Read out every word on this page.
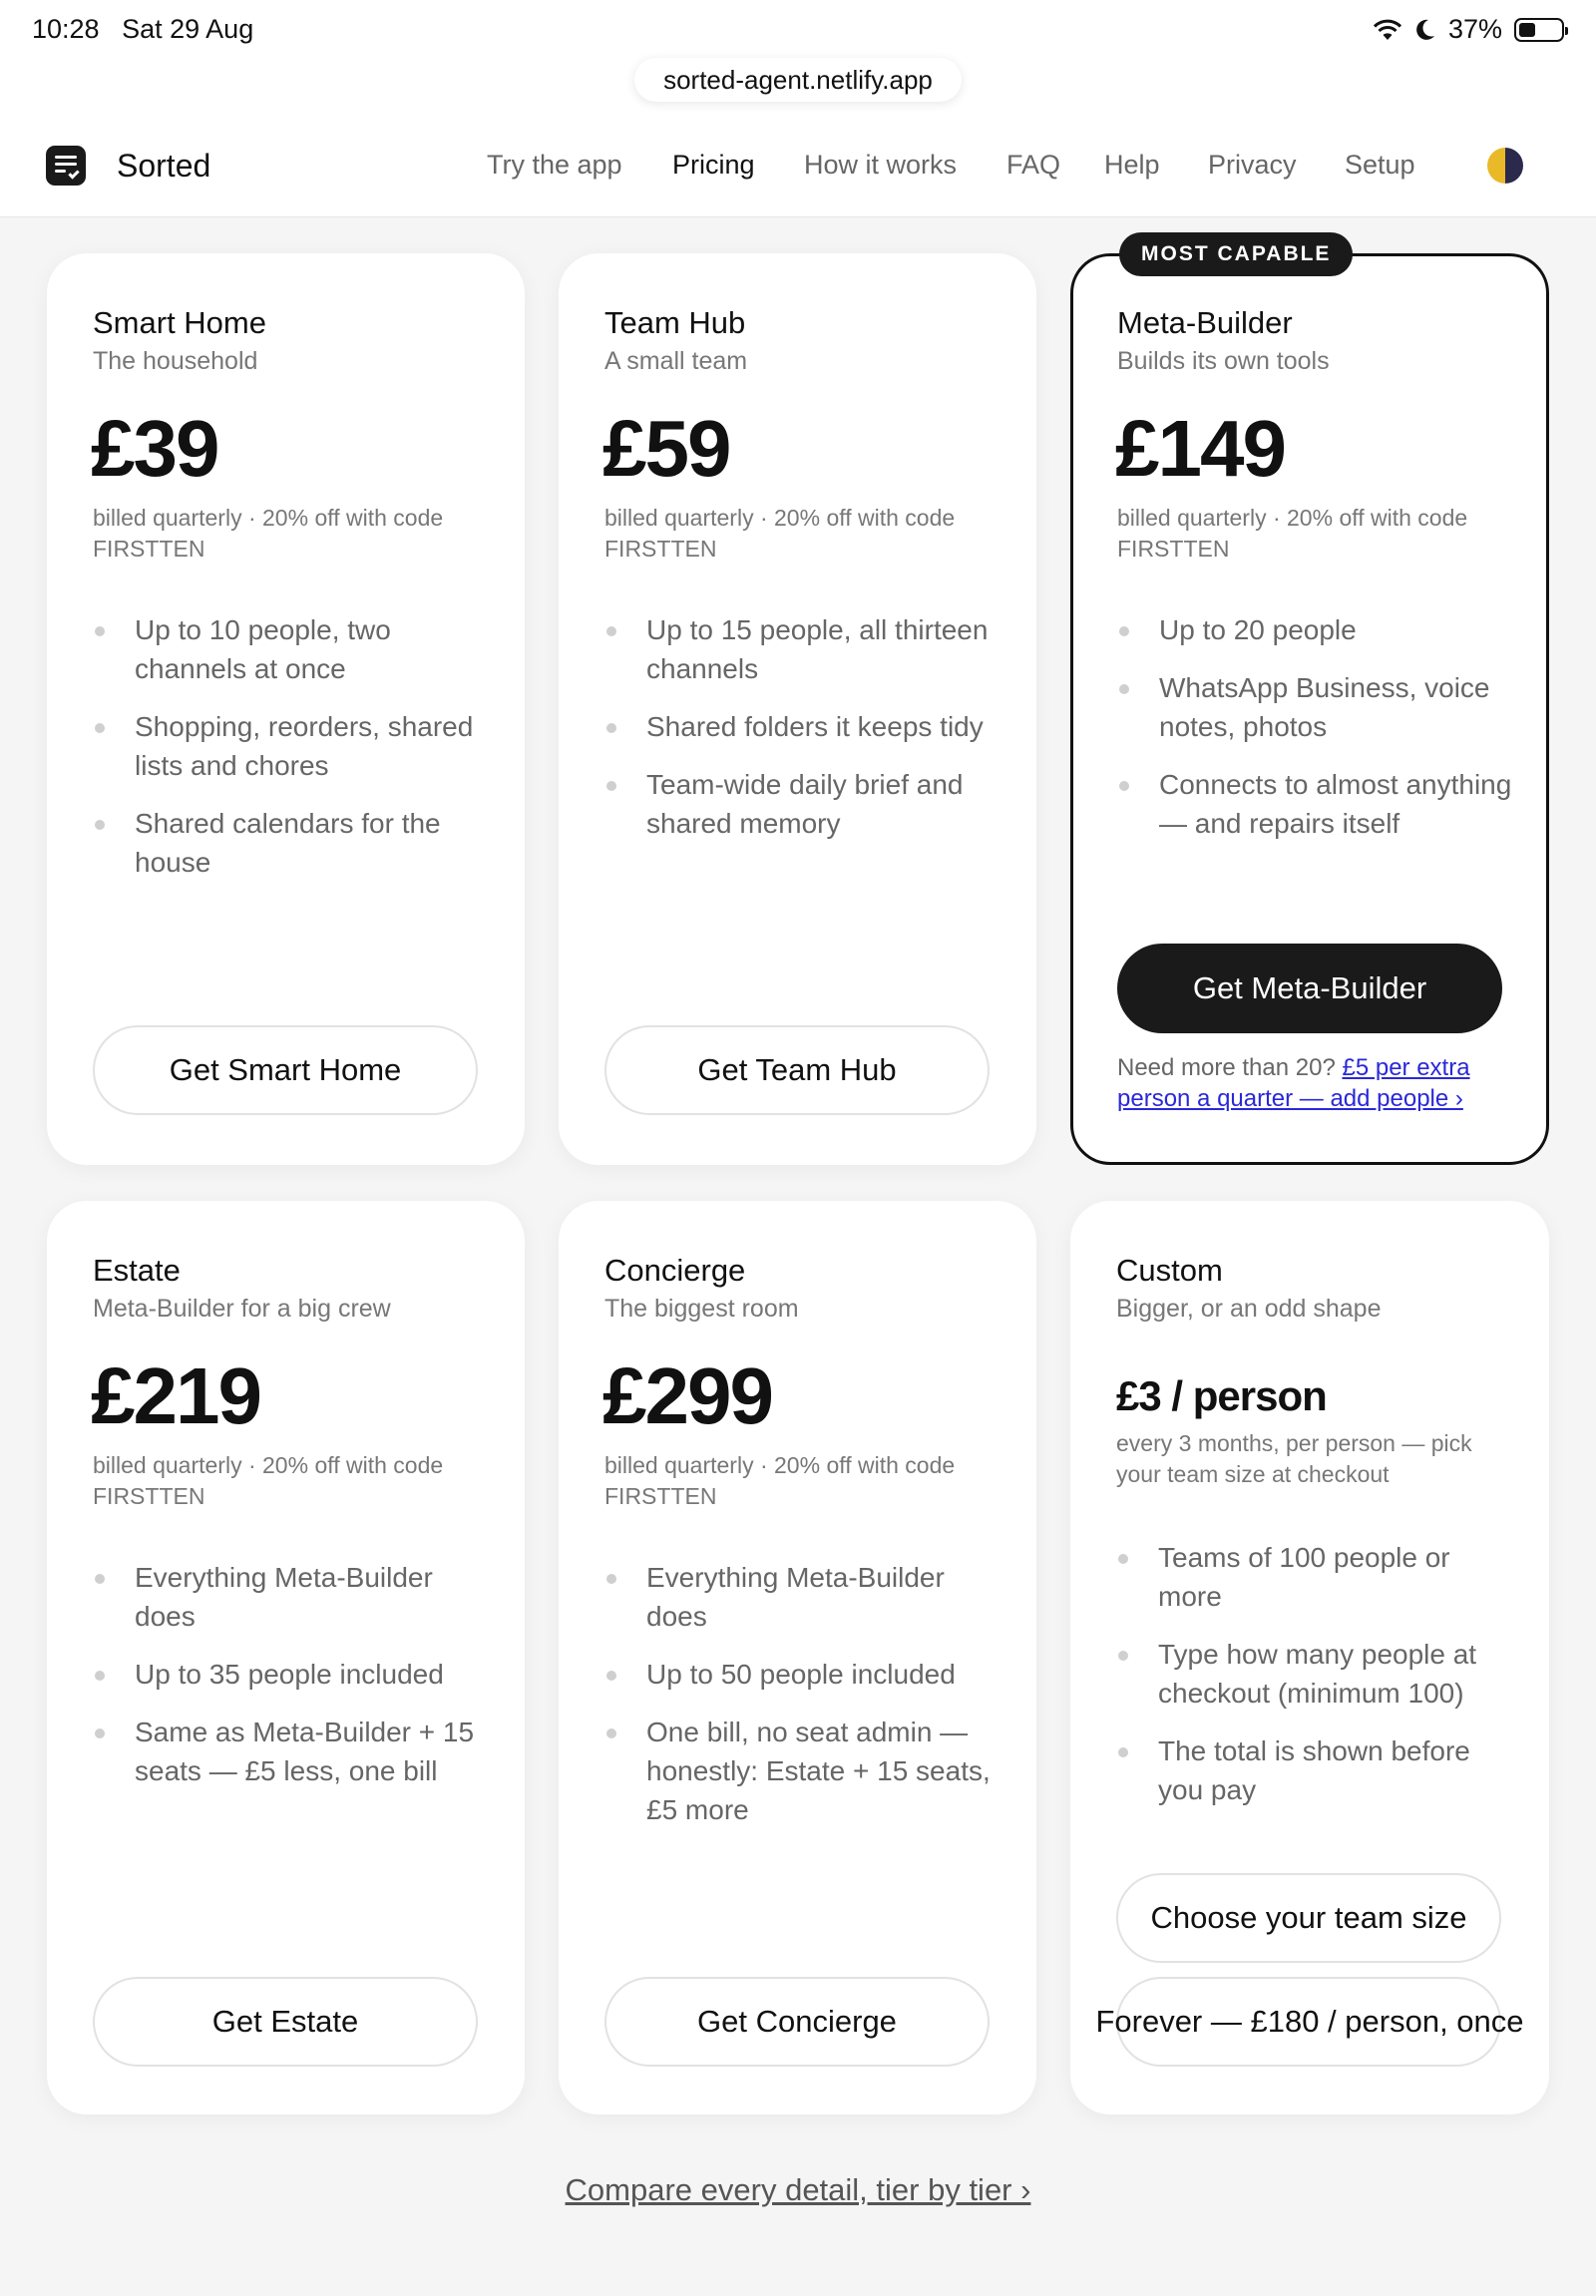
10:28 Sat 29 Aug	37%
sorted-agent.netlify.app
Sorted	Try the app Pricing How it works FAQ Help Privacy Setup
Smart Home
The household
£39
billed quarterly · 20% off with code FIRSTTEN
Up to 10 people, two channels at once
Shopping, reorders, shared lists and chores
Shared calendars for the house
Get Smart Home
Team Hub
A small team
£59
billed quarterly · 20% off with code FIRSTTEN
Up to 15 people, all thirteen channels
Shared folders it keeps tidy
Team-wide daily brief and shared memory
Get Team Hub
Meta-Builder
Builds its own tools
£149
billed quarterly · 20% off with code FIRSTTEN
Up to 20 people
WhatsApp Business, voice notes, photos
Connects to almost anything — and repairs itself
Get Meta-Builder
Need more than 20? £5 per extra person a quarter — add people ›
MOST CAPABLE
Estate
Meta-Builder for a big crew
£219
billed quarterly · 20% off with code FIRSTTEN
Everything Meta-Builder does
Up to 35 people included
Same as Meta-Builder + 15 seats — £5 less, one bill
Get Estate
Concierge
The biggest room
£299
billed quarterly · 20% off with code FIRSTTEN
Everything Meta-Builder does
Up to 50 people included
One bill, no seat admin — honestly: Estate + 15 seats, £5 more
Get Concierge
Custom
Bigger, or an odd shape
£3 / person
every 3 months, per person — pick your team size at checkout
Teams of 100 people or more
Type how many people at checkout (minimum 100)
The total is shown before you pay
Choose your team size
Forever — £180 / person, once
Compare every detail, tier by tier ›
